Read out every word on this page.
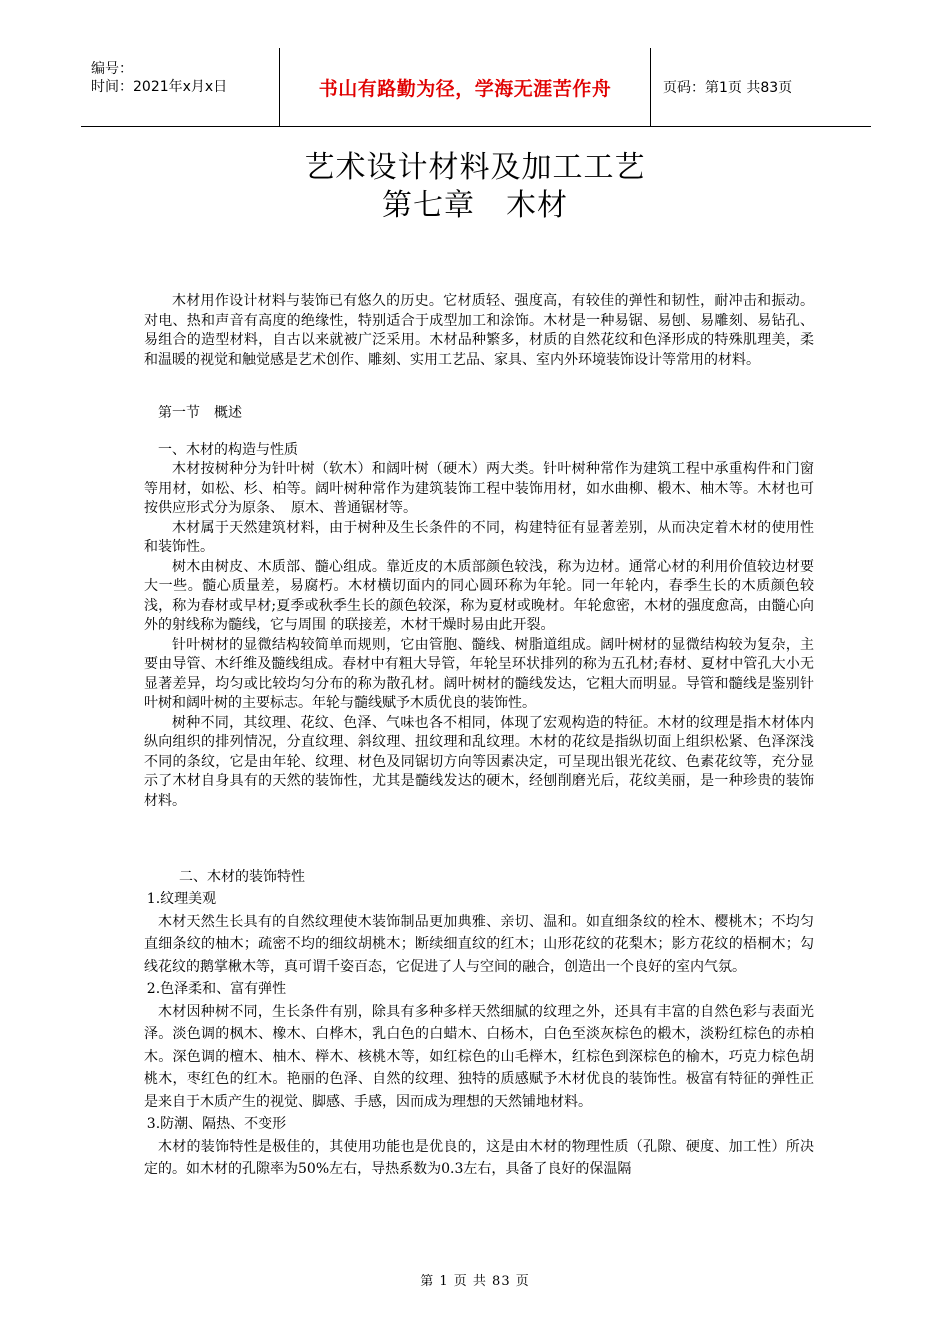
编号：
时间：2021年x月x日	书山有路勤为径，学海无涯苦作舟	页码：第1页 共83页
艺术设计材料及加工工艺
第七章　木材

木材用作设计材料与装饰已有悠久的历史。它材质轻、强度高，有较佳的弹性和韧性，耐冲击和振动。对电、热和声音有高度的绝缘性，特别适合于成型加工和涂饰。木材是一种易锯、易刨、易雕刻、易钻孔、易组合的造型材料，自古以来就被广泛采用。木材品种繁多，材质的自然花纹和色泽形成的特殊肌理美，柔和温暖的视觉和触觉感是艺术创作、雕刻、实用工艺品、家具、室内外环境装饰设计等常用的材料。

第一节　概述

一、木材的构造与性质

木材按树种分为针叶树（软木）和阔叶树（硬木）两大类。针叶树种常作为建筑工程中承重构件和门窗等用材，如松、杉、柏等。阔叶树种常作为建筑装饰工程中装饰用材，如水曲柳、椴木、柚木等。木材也可按供应形式分为原条、　原木、普通锯材等。

木材属于天然建筑材料，由于树种及生长条件的不同，构建特征有显著差别，从而决定着木材的使用性和装饰性。

树木由树皮、木质部、髓心组成。靠近皮的木质部颜色较浅，称为边材。通常心材的利用价值较边材要大一些。髓心质量差，易腐朽。木材横切面内的同心圆环称为年轮。同一年轮内，春季生长的木质颜色较浅，称为春材或早材;夏季或秋季生长的颜色较深，称为夏材或晚材。年轮愈密，木材的强度愈高，由髓心向外的射线称为髓线，它与周围 的联接差，木材干燥时易由此开裂。

针叶树材的显微结构较简单而规则，它由管胞、髓线、树脂道组成。阔叶树材的显微结构较为复杂，主要由导管、木纤维及髓线组成。春材中有粗大导管，年轮呈环状排列的称为五孔材;春材、夏材中管孔大小无显著差异，均匀或比较均匀分布的称为散孔材。阔叶树材的髓线发达，它粗大而明显。导管和髓线是鉴别针叶树和阔叶树的主要标志。年轮与髓线赋予木质优良的装饰性。

树种不同，其纹理、花纹、色泽、气味也各不相同，体现了宏观构造的特征。木材的纹理是指木材体内纵向组织的排列情况，分直纹理、斜纹理、扭纹理和乱纹理。木材的花纹是指纵切面上组织松紧、色泽深浅不同的条纹，它是由年轮、纹理、材色及同锯切方向等因素决定，可呈现出银光花纹、色素花纹等，充分显示了木材自身具有的天然的装饰性，尤其是髓线发达的硬木，经刨削磨光后，花纹美丽，是一种珍贵的装饰材料。

二、木材的装饰特性

1.纹理美观

木材天然生长具有的自然纹理使木装饰制品更加典雅、亲切、温和。如直细条纹的栓木、樱桃木；不均匀直细条纹的柚木；疏密不均的细纹胡桃木；断续细直纹的红木；山形花纹的花梨木；影方花纹的梧桐木；勾线花纹的鹅掌楸木等，真可谓千姿百态，它促进了人与空间的融合，创造出一个良好的室内气氛。

2.色泽柔和、富有弹性

木材因种树不同，生长条件有别，除具有多种多样天然细腻的纹理之外，还具有丰富的自然色彩与表面光泽。淡色调的枫木、橡木、白桦木，乳白色的白蜡木、白杨木，白色至淡灰棕色的椴木，淡粉红棕色的赤柏木。深色调的檀木、柚木、榉木、核桃木等，如红棕色的山毛榉木，红棕色到深棕色的榆木，巧克力棕色胡桃木，枣红色的红木。艳丽的色泽、自然的纹理、独特的质感赋予木材优良的装饰性。极富有特征的弹性正是来自于木质产生的视觉、脚感、手感，因而成为理想的天然铺地材料。

3.防潮、隔热、不变形

木材的装饰特性是极佳的，其使用功能也是优良的，这是由木材的物理性质（孔隙、硬度、加工性）所决定的。如木材的孔隙率为50%左右，导热系数为0.3左右，具备了良好的保温隔

第 1 页 共 83 页
